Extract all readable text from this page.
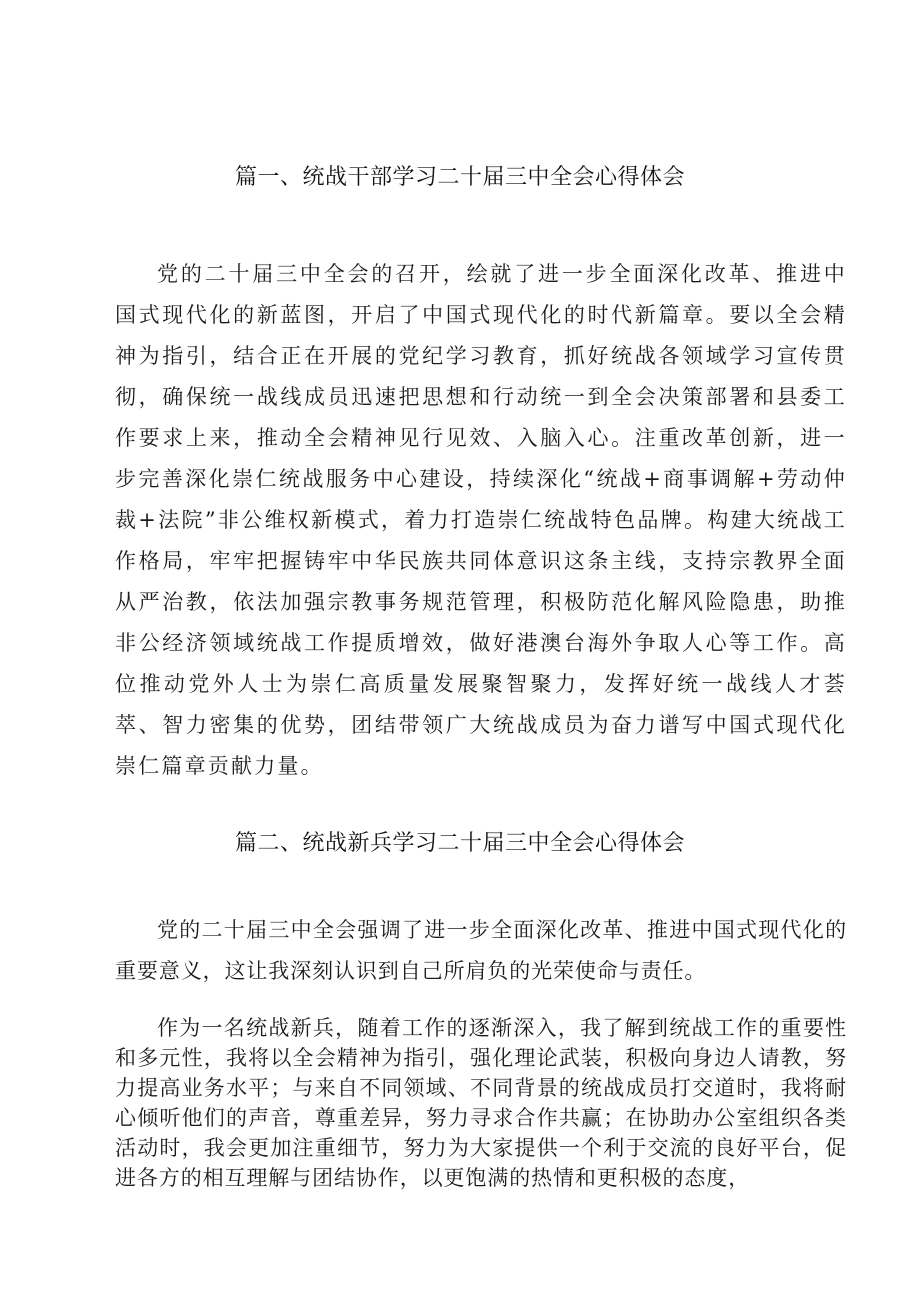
篇一、统战干部学习二十届三中全会心得体会

党的二十届三中全会的召开，绘就了进一步全面深化改革、推进中国式现代化的新蓝图，开启了中国式现代化的时代新篇章。要以全会精神为指引，结合正在开展的党纪学习教育，抓好统战各领域学习宣传贯彻，确保统一战线成员迅速把思想和行动统一到全会决策部署和县委工作要求上来，推动全会精神见行见效、入脑入心。注重改革创新，进一步完善深化崇仁统战服务中心建设，持续深化“统战+商事调解+劳动仲裁+法院”非公维权新模式，着力打造崇仁统战特色品牌。构建大统战工作格局，牢牢把握铸牢中华民族共同体意识这条主线，支持宗教界全面从严治教，依法加强宗教事务规范管理，积极防范化解风险隐患，助推非公经济领域统战工作提质增效，做好港澳台海外争取人心等工作。高位推动党外人士为崇仁高质量发展聚智聚力，发挥好统一战线人才荟萃、智力密集的优势，团结带领广大统战成员为奋力谱写中国式现代化崇仁篇章贡献力量。

篇二、统战新兵学习二十届三中全会心得体会

党的二十届三中全会强调了进一步全面深化改革、推进中国式现代化的重要意义，这让我深刻认识到自己所肩负的光荣使命与责任。

作为一名统战新兵，随着工作的逐渐深入，我了解到统战工作的重要性和多元性，我将以全会精神为指引，强化理论武装，积极向身边人请教，努力提高业务水平；与来自不同领域、不同背景的统战成员打交道时，我将耐心倾听他们的声音，尊重差异，努力寻求合作共赢；在协助办公室组织各类活动时，我会更加注重细节，努力为大家提供一个利于交流的良好平台，促进各方的相互理解与团结协作，以更饱满的热情和更积极的态度，
